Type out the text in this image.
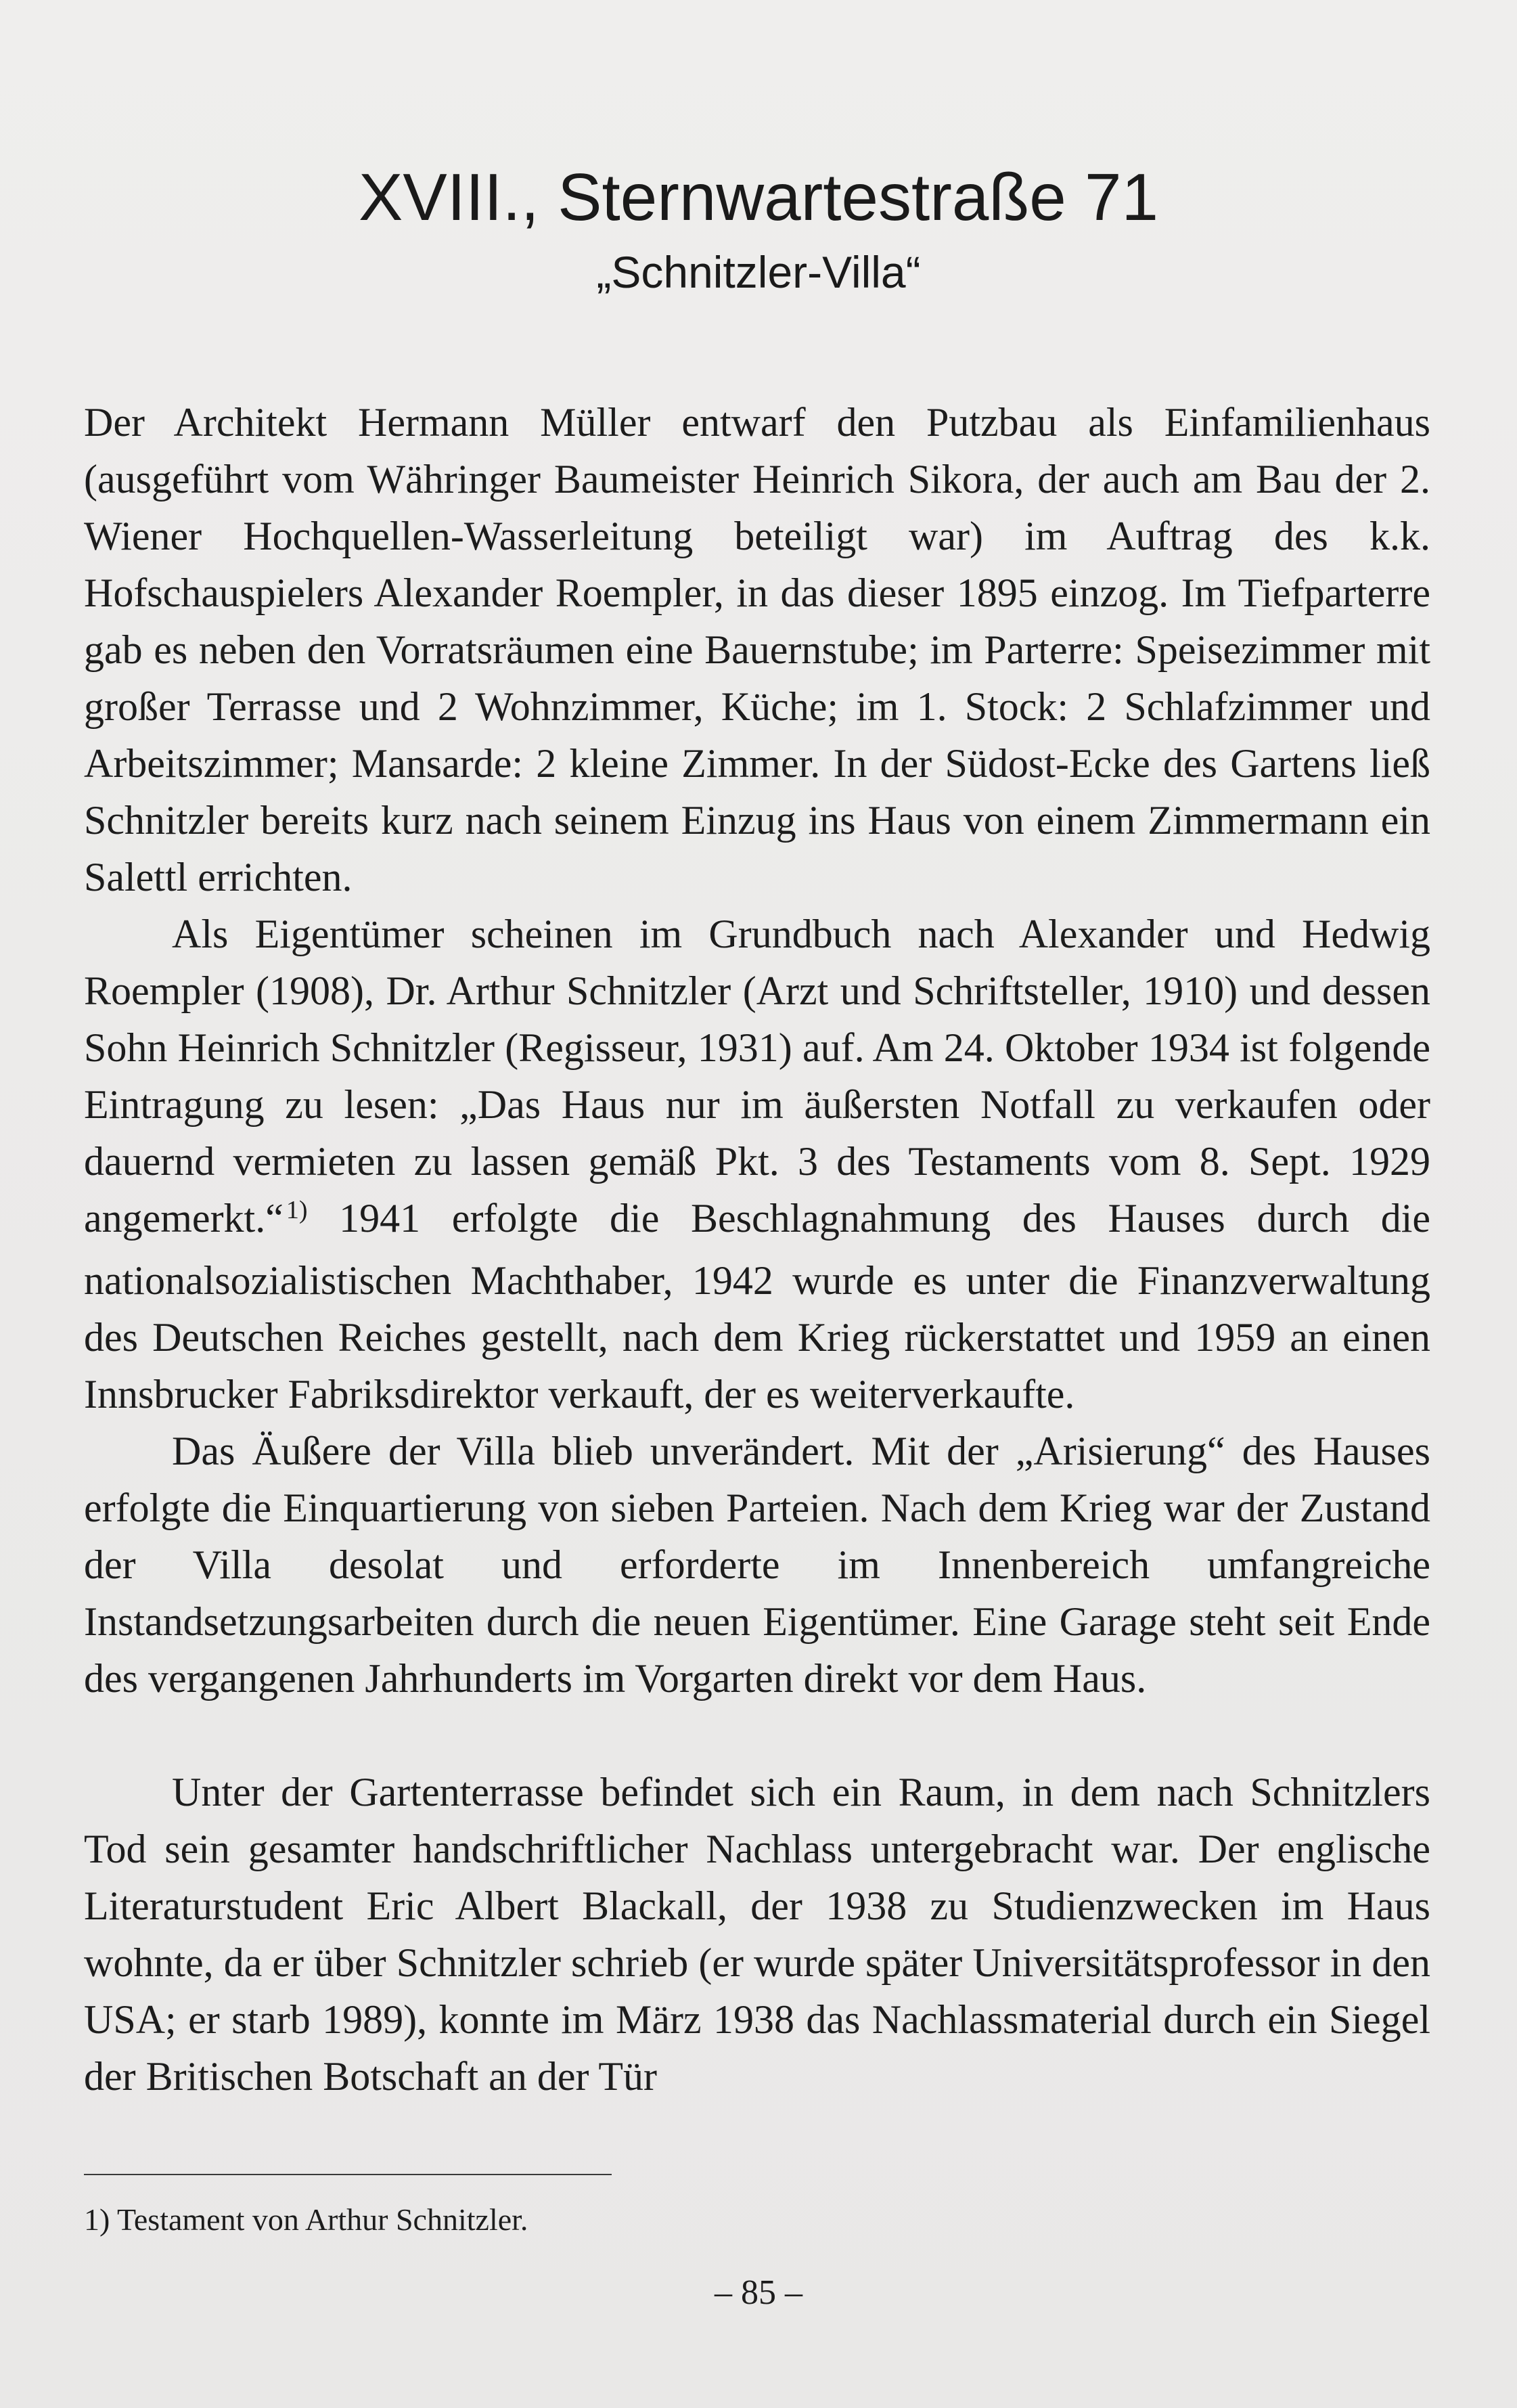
XVIII., Sternwartestraße 71
„Schnitzler-Villa“

Der Architekt Hermann Müller entwarf den Putzbau als Einfamilienhaus (ausgeführt vom Währinger Baumeister Heinrich Sikora, der auch am Bau der 2. Wiener Hochquellen-Wasserleitung beteiligt war) im Auftrag des k.k. Hofschauspielers Alexander Roempler, in das dieser 1895 einzog. Im Tiefparterre gab es neben den Vorratsräumen eine Bauernstube; im Parterre: Speisezimmer mit großer Terrasse und 2 Wohnzimmer, Küche; im 1. Stock: 2 Schlafzimmer und Arbeitszimmer; Mansarde: 2 kleine Zimmer. In der Südost-Ecke des Gartens ließ Schnitzler bereits kurz nach seinem Einzug ins Haus von einem Zimmermann ein Salettl errichten.

Als Eigentümer scheinen im Grundbuch nach Alexander und Hedwig Roempler (1908), Dr. Arthur Schnitzler (Arzt und Schriftsteller, 1910) und dessen Sohn Heinrich Schnitzler (Regisseur, 1931) auf. Am 24. Oktober 1934 ist folgende Eintragung zu lesen: „Das Haus nur im äußersten Notfall zu verkaufen oder dauernd vermieten zu lassen gemäß Pkt. 3 des Testaments vom 8. Sept. 1929 angemerkt.“ $^{1)}$ 1941 erfolgte die Beschlagnahmung des Hauses durch die nationalsozialistischen Machthaber, 1942 wurde es unter die Finanzverwaltung des Deutschen Reiches gestellt, nach dem Krieg rückerstattet und 1959 an einen Innsbrucker Fabriksdirektor verkauft, der es weiterverkaufte.

Das Äußere der Villa blieb unverändert. Mit der „Arisierung“ des Hauses erfolgte die Einquartierung von sieben Parteien. Nach dem Krieg war der Zustand der Villa desolat und erforderte im Innenbereich umfangreiche Instandsetzungsarbeiten durch die neuen Eigentümer. Eine Garage steht seit Ende des vergangenen Jahrhunderts im Vorgarten direkt vor dem Haus.

Unter der Gartenterrasse befindet sich ein Raum, in dem nach Schnitzlers Tod sein gesamter handschriftlicher Nachlass untergebracht war. Der englische Literaturstudent Eric Albert Blackall, der 1938 zu Studienzwecken im Haus wohnte, da er über Schnitzler schrieb (er wurde später Universitätsprofessor in den USA; er starb 1989), konnte im März 1938 das Nachlassmaterial durch ein Siegel der Britischen Botschaft an der Tür

1) Testament von Arthur Schnitzler.
– 85 –
